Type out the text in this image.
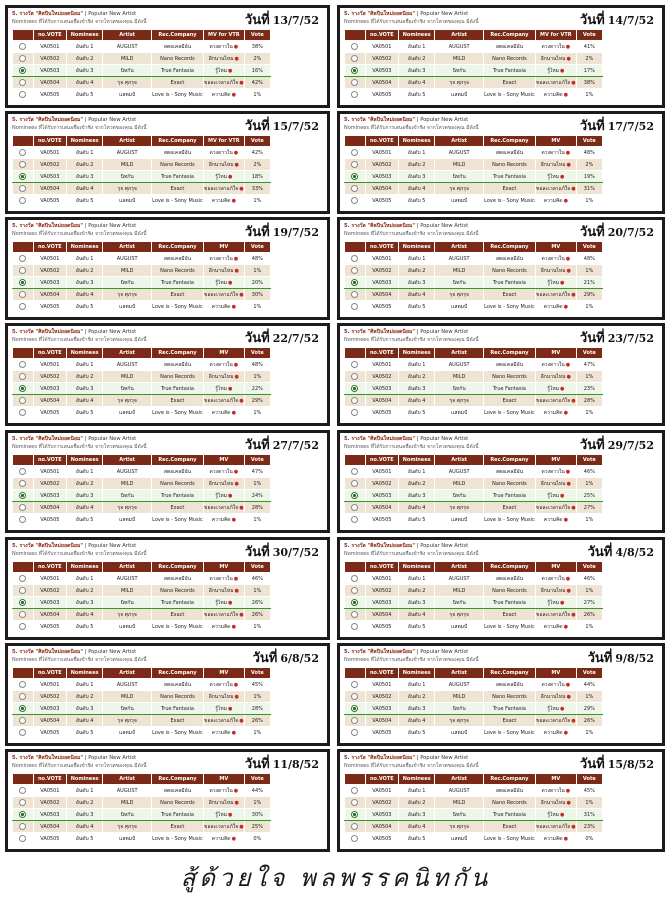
5. รางวัล "ศิลปินใหม่ยอดนิยม" | Popular New Artist
Nominees ที่ได้รับการเสนอชื่อเข้าชิง จากโหวตของคุณ มีดังนี้	วันที่ 13/7/52
	no.VOTE	Nominees	Artist	Rec.Company	MV for VTR	Vote
	VA0501	อันดับ 1	AUGUST	สตอเคลมีอัน	ดวงดาวใน●	38%
	VA0502	อันดับ 2	MILD	Nano Records	อีกนานไหม●	2%
	VA0503	อันดับ 3	นิทกัน	True Fantasia	รู้ไหม●	16%
	VA0504	อันดับ 4	รุจ ศุภรุจ	Exact	ขอละเวลาแก้ใจ●	42%
	VA0505	อันดับ 5	แสตมป์	Love is - Sony Music	ความคิด●	1%
5. รางวัล "ศิลปินใหม่ยอดนิยม" | Popular New Artist
Nominees ที่ได้รับการเสนอชื่อเข้าชิง จากโหวตของคุณ มีดังนี้	วันที่ 14/7/52
	no.VOTE	Nominees	Artist	Rec.Company	MV for VTR	Vote
	VA0501	อันดับ 1	AUGUST	สตอเคลมีอัน	ดวงดาวใน●	41%
	VA0502	อันดับ 2	MILD	Nano Records	อีกนานไหม●	2%
	VA0503	อันดับ 3	นิทกัน	True Fantasia	รู้ไหม●	17%
	VA0504	อันดับ 4	รุจ ศุภรุจ	Exact	ขอละเวลาแก้ใจ●	38%
	VA0505	อันดับ 5	แสตมป์	Love is - Sony Music	ความคิด●	1%
5. รางวัล "ศิลปินใหม่ยอดนิยม" | Popular New Artist
Nominees ที่ได้รับการเสนอชื่อเข้าชิง จากโหวตของคุณ มีดังนี้	วันที่ 15/7/52
	no.VOTE	Nominees	Artist	Rec.Company	MV for VTR	Vote
	VA0501	อันดับ 1	AUGUST	สตอเคลมีอัน	ดวงดาวใน●	42%
	VA0502	อันดับ 2	MILD	Nano Records	อีกนานไหม●	2%
	VA0503	อันดับ 3	นิทกัน	True Fantasia	รู้ไหม●	18%
	VA0504	อันดับ 4	รุจ ศุภรุจ	Exact	ขอละเวลาแก้ใจ●	33%
	VA0505	อันดับ 5	แสตมป์	Love is - Sony Music	ความคิด●	1%
5. รางวัล "ศิลปินใหม่ยอดนิยม" | Popular New Artist
Nominees ที่ได้รับการเสนอชื่อเข้าชิง จากโหวตของคุณ มีดังนี้	วันที่ 17/7/52
	no.VOTE	Nominees	Artist	Rec.Company	MV	Vote
	VA0501	อันดับ 1	AUGUST	สตอเคลมีอัน	ดวงดาวใน●	48%
	VA0502	อันดับ 2	MILD	Nano Records	อีกนานไหม●	2%
	VA0503	อันดับ 3	นิทกัน	True Fantasia	รู้ไหม●	19%
	VA0504	อันดับ 4	รุจ ศุภรุจ	Exact	ขอละเวลาแก้ใจ●	31%
	VA0505	อันดับ 5	แสตมป์	Love is - Sony Music	ความคิด●	1%
5. รางวัล "ศิลปินใหม่ยอดนิยม" | Popular New Artist
Nominees ที่ได้รับการเสนอชื่อเข้าชิง จากโหวตของคุณ มีดังนี้	วันที่ 19/7/52
	no.VOTE	Nominees	Artist	Rec.Company	MV	Vote
	VA0501	อันดับ 1	AUGUST	สตอเคลมีอัน	ดวงดาวใน●	48%
	VA0502	อันดับ 2	MILD	Nano Records	อีกนานไหม●	1%
	VA0503	อันดับ 3	นิทกัน	True Fantasia	รู้ไหม●	20%
	VA0504	อันดับ 4	รุจ ศุภรุจ	Exact	ขอละเวลาแก้ใจ●	30%
	VA0505	อันดับ 5	แสตมป์	Love is - Sony Music	ความคิด●	1%
5. รางวัล "ศิลปินใหม่ยอดนิยม" | Popular New Artist
Nominees ที่ได้รับการเสนอชื่อเข้าชิง จากโหวตของคุณ มีดังนี้	วันที่ 20/7/52
	no.VOTE	Nominees	Artist	Rec.Company	MV	Vote
	VA0501	อันดับ 1	AUGUST	สตอเคลมีอัน	ดวงดาวใน●	48%
	VA0502	อันดับ 2	MILD	Nano Records	อีกนานไหม●	1%
	VA0503	อันดับ 3	นิทกัน	True Fantasia	รู้ไหม●	21%
	VA0504	อันดับ 4	รุจ ศุภรุจ	Exact	ขอละเวลาแก้ใจ●	29%
	VA0505	อันดับ 5	แสตมป์	Love is - Sony Music	ความคิด●	1%
5. รางวัล "ศิลปินใหม่ยอดนิยม" | Popular New Artist
Nominees ที่ได้รับการเสนอชื่อเข้าชิง จากโหวตของคุณ มีดังนี้	วันที่ 22/7/52
	no.VOTE	Nominees	Artist	Rec.Company	MV	Vote
	VA0501	อันดับ 1	AUGUST	สตอเคลมีอัน	ดวงดาวใน●	48%
	VA0502	อันดับ 2	MILD	Nano Records	อีกนานไหม●	1%
	VA0503	อันดับ 3	นิทกัน	True Fantasia	รู้ไหม●	22%
	VA0504	อันดับ 4	รุจ ศุภรุจ	Exact	ขอละเวลาแก้ใจ●	29%
	VA0505	อันดับ 5	แสตมป์	Love is - Sony Music	ความคิด●	1%
5. รางวัล "ศิลปินใหม่ยอดนิยม" | Popular New Artist
Nominees ที่ได้รับการเสนอชื่อเข้าชิง จากโหวตของคุณ มีดังนี้	วันที่ 23/7/52
	no.VOTE	Nominees	Artist	Rec.Company	MV	Vote
	VA0501	อันดับ 1	AUGUST	สตอเคลมีอัน	ดวงดาวใน●	47%
	VA0502	อันดับ 2	MILD	Nano Records	อีกนานไหม●	1%
	VA0503	อันดับ 3	นิทกัน	True Fantasia	รู้ไหม●	23%
	VA0504	อันดับ 4	รุจ ศุภรุจ	Exact	ขอละเวลาแก้ใจ●	28%
	VA0505	อันดับ 5	แสตมป์	Love is - Sony Music	ความคิด●	1%
5. รางวัล "ศิลปินใหม่ยอดนิยม" | Popular New Artist
Nominees ที่ได้รับการเสนอชื่อเข้าชิง จากโหวตของคุณ มีดังนี้	วันที่ 27/7/52
	no.VOTE	Nominees	Artist	Rec.Company	MV	Vote
	VA0501	อันดับ 1	AUGUST	สตอเคลมีอัน	ดวงดาวใน●	47%
	VA0502	อันดับ 2	MILD	Nano Records	อีกนานไหม●	1%
	VA0503	อันดับ 3	นิทกัน	True Fantasia	รู้ไหม●	24%
	VA0504	อันดับ 4	รุจ ศุภรุจ	Exact	ขอละเวลาแก้ใจ●	28%
	VA0505	อันดับ 5	แสตมป์	Love is - Sony Music	ความคิด●	1%
5. รางวัล "ศิลปินใหม่ยอดนิยม" | Popular New Artist
Nominees ที่ได้รับการเสนอชื่อเข้าชิง จากโหวตของคุณ มีดังนี้	วันที่ 29/7/52
	no.VOTE	Nominees	Artist	Rec.Company	MV	Vote
	VA0501	อันดับ 1	AUGUST	สตอเคลมีอัน	ดวงดาวใน●	46%
	VA0502	อันดับ 2	MILD	Nano Records	อีกนานไหม●	1%
	VA0503	อันดับ 3	นิทกัน	True Fantasia	รู้ไหม●	25%
	VA0504	อันดับ 4	รุจ ศุภรุจ	Exact	ขอละเวลาแก้ใจ●	27%
	VA0505	อันดับ 5	แสตมป์	Love is - Sony Music	ความคิด●	1%
5. รางวัล "ศิลปินใหม่ยอดนิยม" | Popular New Artist
Nominees ที่ได้รับการเสนอชื่อเข้าชิง จากโหวตของคุณ มีดังนี้	วันที่ 30/7/52
	no.VOTE	Nominees	Artist	Rec.Company	MV	Vote
	VA0501	อันดับ 1	AUGUST	สตอเคลมีอัน	ดวงดาวใน●	46%
	VA0502	อันดับ 2	MILD	Nano Records	อีกนานไหม●	1%
	VA0503	อันดับ 3	นิทกัน	True Fantasia	รู้ไหม●	26%
	VA0504	อันดับ 4	รุจ ศุภรุจ	Exact	ขอละเวลาแก้ใจ●	26%
	VA0505	อันดับ 5	แสตมป์	Love is - Sony Music	ความคิด●	1%
5. รางวัล "ศิลปินใหม่ยอดนิยม" | Popular New Artist
Nominees ที่ได้รับการเสนอชื่อเข้าชิง จากโหวตของคุณ มีดังนี้	วันที่ 4/8/52
	no.VOTE	Nominees	Artist	Rec.Company	MV	Vote
	VA0501	อันดับ 1	AUGUST	สตอเคลมีอัน	ดวงดาวใน●	46%
	VA0502	อันดับ 2	MILD	Nano Records	อีกนานไหม●	1%
	VA0503	อันดับ 3	นิทกัน	True Fantasia	รู้ไหม●	27%
	VA0504	อันดับ 4	รุจ ศุภรุจ	Exact	ขอละเวลาแก้ใจ●	26%
	VA0505	อันดับ 5	แสตมป์	Love is - Sony Music	ความคิด●	1%
5. รางวัล "ศิลปินใหม่ยอดนิยม" | Popular New Artist
Nominees ที่ได้รับการเสนอชื่อเข้าชิง จากโหวตของคุณ มีดังนี้	วันที่ 6/8/52
	no.VOTE	Nominees	Artist	Rec.Company	MV	Vote
	VA0501	อันดับ 1	AUGUST	สตอเคลมีอัน	ดวงดาวใน●	45%
	VA0502	อันดับ 2	MILD	Nano Records	อีกนานไหม●	1%
	VA0503	อันดับ 3	นิทกัน	True Fantasia	รู้ไหม●	28%
	VA0504	อันดับ 4	รุจ ศุภรุจ	Exact	ขอละเวลาแก้ใจ●	26%
	VA0505	อันดับ 5	แสตมป์	Love is - Sony Music	ความคิด●	1%
5. รางวัล "ศิลปินใหม่ยอดนิยม" | Popular New Artist
Nominees ที่ได้รับการเสนอชื่อเข้าชิง จากโหวตของคุณ มีดังนี้	วันที่ 9/8/52
	no.VOTE	Nominees	Artist	Rec.Company	MV	Vote
	VA0501	อันดับ 1	AUGUST	สตอเคลมีอัน	ดวงดาวใน●	44%
	VA0502	อันดับ 2	MILD	Nano Records	อีกนานไหม●	1%
	VA0503	อันดับ 3	นิทกัน	True Fantasia	รู้ไหม●	29%
	VA0504	อันดับ 4	รุจ ศุภรุจ	Exact	ขอละเวลาแก้ใจ●	26%
	VA0505	อันดับ 5	แสตมป์	Love is - Sony Music	ความคิด●	1%
5. รางวัล "ศิลปินใหม่ยอดนิยม" | Popular New Artist
Nominees ที่ได้รับการเสนอชื่อเข้าชิง จากโหวตของคุณ มีดังนี้	วันที่ 11/8/52
	no.VOTE	Nominees	Artist	Rec.Company	MV	Vote
	VA0501	อันดับ 1	AUGUST	สตอเคลมีอัน	ดวงดาวใน●	44%
	VA0502	อันดับ 2	MILD	Nano Records	อีกนานไหม●	1%
	VA0503	อันดับ 3	นิทกัน	True Fantasia	รู้ไหม●	30%
	VA0504	อันดับ 4	รุจ ศุภรุจ	Exact	ขอละเวลาแก้ใจ●	25%
	VA0505	อันดับ 5	แสตมป์	Love is - Sony Music	ความคิด●	0%
5. รางวัล "ศิลปินใหม่ยอดนิยม" | Popular New Artist
Nominees ที่ได้รับการเสนอชื่อเข้าชิง จากโหวตของคุณ มีดังนี้	วันที่ 15/8/52
	no.VOTE	Nominees	Artist	Rec.Company	MV	Vote
	VA0501	อันดับ 1	AUGUST	สตอเคลมีอัน	ดวงดาวใน●	45%
	VA0502	อันดับ 2	MILD	Nano Records	อีกนานไหม●	1%
	VA0503	อันดับ 3	นิทกัน	True Fantasia	รู้ไหม●	31%
	VA0504	อันดับ 4	รุจ ศุภรุจ	Exact	ขอละเวลาแก้ใจ●	23%
	VA0505	อันดับ 5	แสตมป์	Love is - Sony Music	ความคิด●	0%
สู้ด้วยใจ พลพรรคนิทกัน
